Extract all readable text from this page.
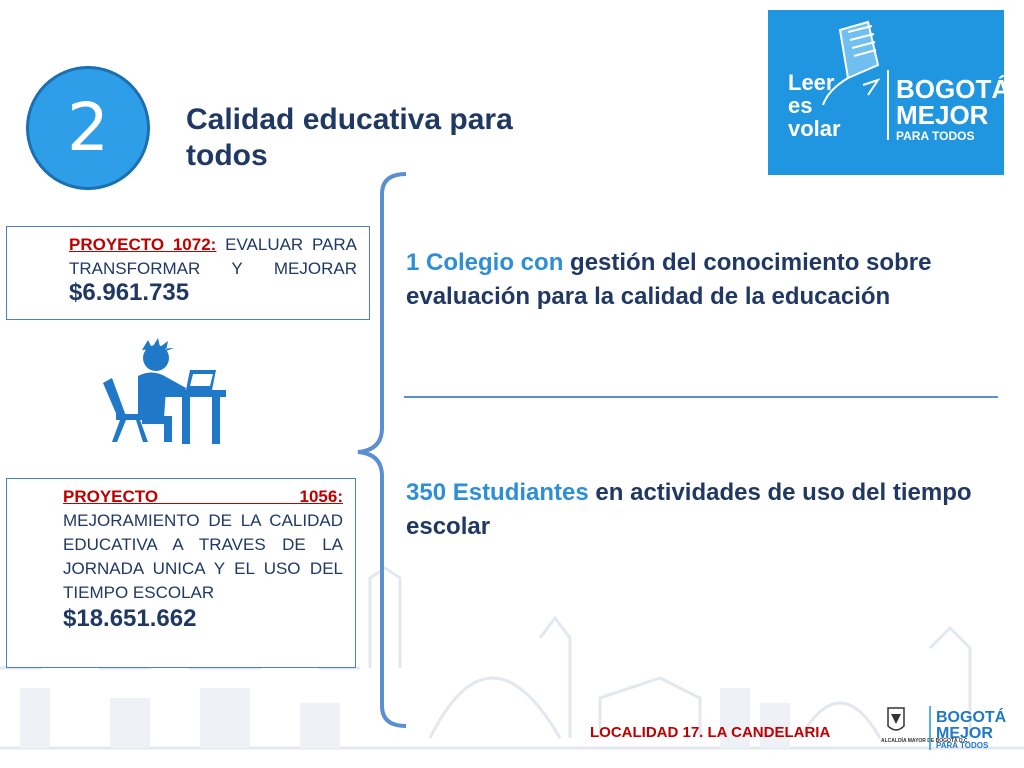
2	Calidad educativa para todos
Leer
es
volar
BOGOTÁ
MEJOR
PARA TODOS
PROYECTO 1072: EVALUAR PARA TRANSFORMAR Y MEJORAR $6.961.735
PROYECTO 1056: MEJORAMIENTO DE LA CALIDAD EDUCATIVA A TRAVES DE LA JORNADA UNICA Y EL USO DEL TIEMPO ESCOLAR
$18.651.662
1 Colegio con gestión del conocimiento sobre evaluación para la calidad de la educación
350 Estudiantes en actividades de uso del tiempo escolar
LOCALIDAD 17. LA CANDELARIA	ALCALDÍA MAYOR DE BOGOTÁ D.C.
BOGOTÁ
MEJOR
PARA TODOS
